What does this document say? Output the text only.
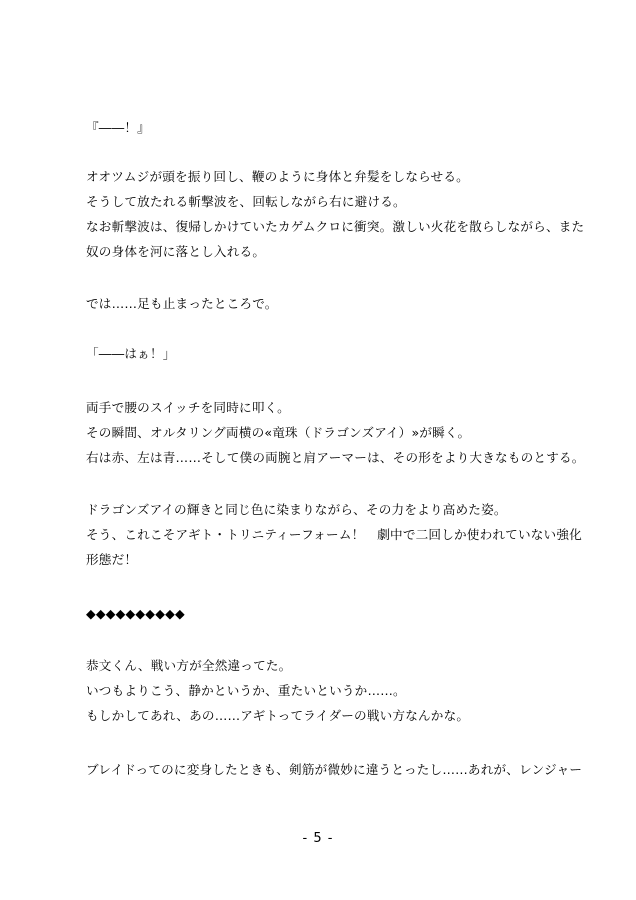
『――！』
オオツムジが頭を振り回し、鞭のように身体と弁髪をしならせる。
そうして放たれる斬撃波を、回転しながら右に避ける。
なお斬撃波は、復帰しかけていたカゲムクロに衝突。激しい火花を散らしながら、また
奴の身体を河に落とし入れる。
では……足も止まったところで。
「――はぁ！」
両手で腰のスイッチを同時に叩く。
その瞬間、オルタリング両横の«竜珠（ドラゴンズアイ）»が瞬く。
右は赤、左は青……そして僕の両腕と肩アーマーは、その形をより大きなものとする。
ドラゴンズアイの輝きと同じ色に染まりながら、その力をより高めた姿。
そう、これこそアギト・トリニティーフォーム！　劇中で二回しか使われていない強化
形態だ！
◆◆◆◆◆◆◆◆◆◆
恭文くん、戦い方が全然違ってた。
いつもよりこう、静かというか、重たいというか……。
もしかしてあれ、あの……アギトってライダーの戦い方なんかな。
ブレイドってのに変身したときも、剣筋が微妙に違うとったし……あれが、レンジャー
- 5 -
